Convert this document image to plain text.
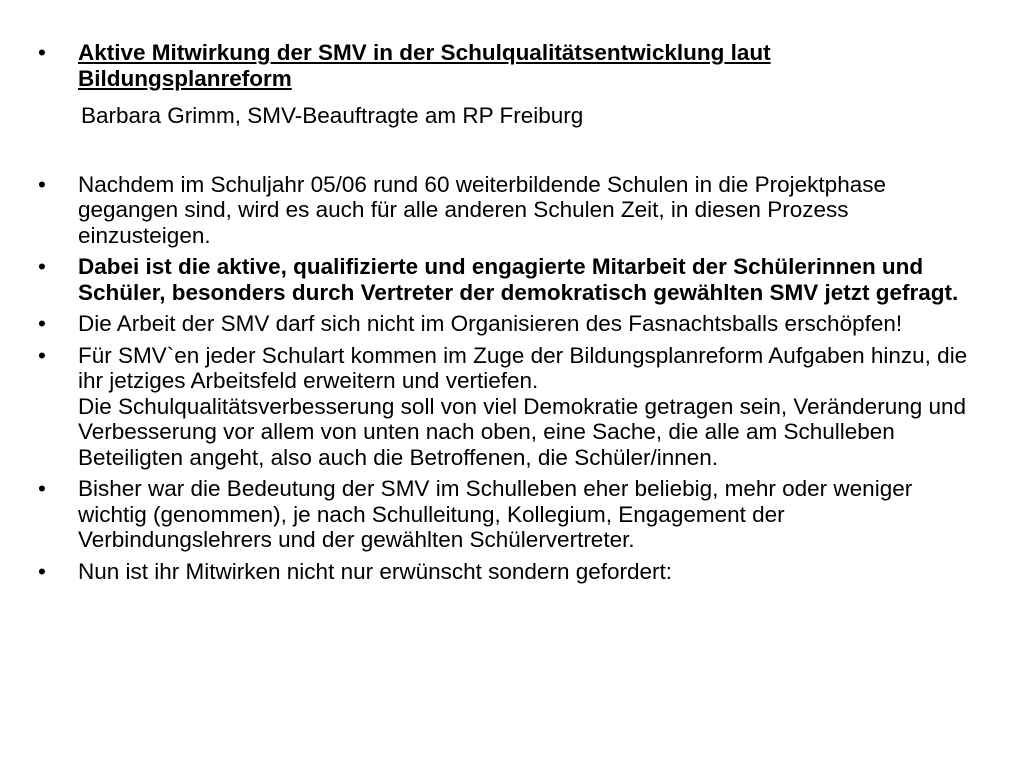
•	Aktive Mitwirkung der SMV in der Schulqualitätsentwicklung laut Bildungsplanreform
Barbara Grimm, SMV-Beauftragte am RP Freiburg
•	Nachdem im Schuljahr 05/06 rund 60 weiterbildende Schulen in die Projektphase gegangen sind, wird es auch für alle anderen Schulen Zeit, in diesen Prozess einzusteigen.
•	Dabei ist die aktive, qualifizierte und engagierte Mitarbeit der Schülerinnen und Schüler, besonders durch Vertreter der demokratisch gewählten SMV jetzt gefragt.
•	Die Arbeit der SMV darf sich nicht im Organisieren des Fasnachtsballs erschöpfen!
•	Für SMV`en jeder Schulart kommen im Zuge der Bildungsplanreform Aufgaben hinzu, die ihr jetziges Arbeitsfeld erweitern und vertiefen.
Die Schulqualitätsverbesserung soll von viel Demokratie getragen sein, Veränderung und Verbesserung vor allem von unten nach oben, eine Sache, die alle am Schulleben Beteiligten angeht, also auch die Betroffenen, die Schüler/innen.
•	Bisher war die Bedeutung der SMV im Schulleben eher beliebig, mehr oder weniger wichtig (genommen), je nach Schulleitung, Kollegium, Engagement der Verbindungslehrers und der gewählten Schülervertreter.
•	Nun ist ihr Mitwirken nicht nur erwünscht sondern gefordert:
